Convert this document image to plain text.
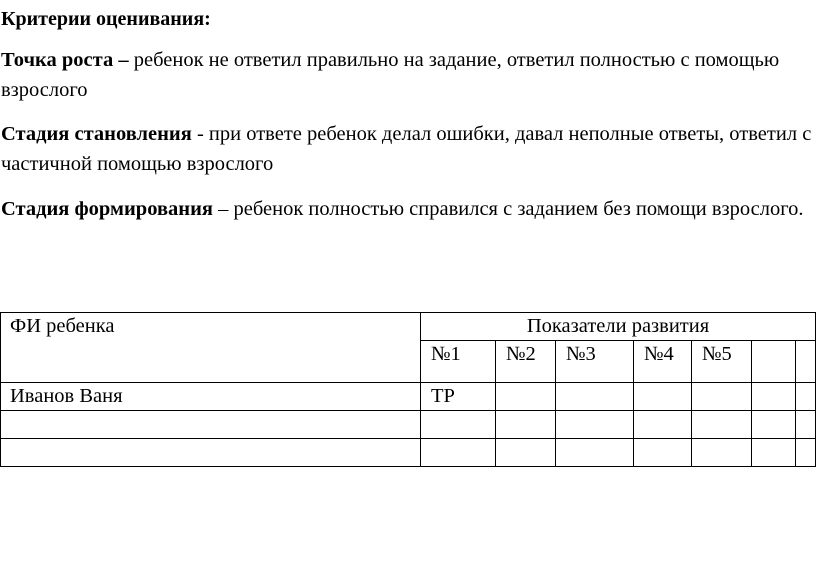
Критерии оценивания:
Точка роста – ребенок не ответил правильно на задание, ответил полностью с помощью взрослого
Стадия становления - при ответе ребенок делал ошибки, давал неполные ответы, ответил с частичной помощью взрослого
Стадия формирования – ребенок полностью справился с заданием без помощи взрослого.
ФИ ребенка	Показатели развития						
	№1	№2	№3	№4	№5		
Иванов Ваня	ТР						
